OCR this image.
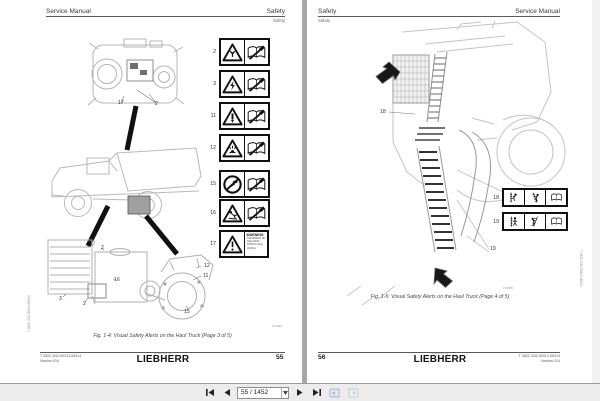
Service Manual	Safety
Safety
17	2
2
16
3
2
12
11
15
2
3
11
12
15
16
17
WARNING
THE WEIGHT OF
THE HOOD /
DOOR IS 46 kg
(100 lbs)
170946
Fig. 1-4: Visual Safety Alerts on the Haul Truck (Page 3 of 5)
T 282C-532-00313-06314
T 282C-532-00313-06314
Version 014
powered by
LIEBHERR	55
Safety	Service Manual
Safety
18
19
18
19
170950
Fig. 1-5: Visual Safety Alerts on the Haul Truck (Page 4 of 5)
T 282C-532-00313-06314
56
powered by
LIEBHERR	T 282C-532-00313-06314
Version 014
55 / 1452
